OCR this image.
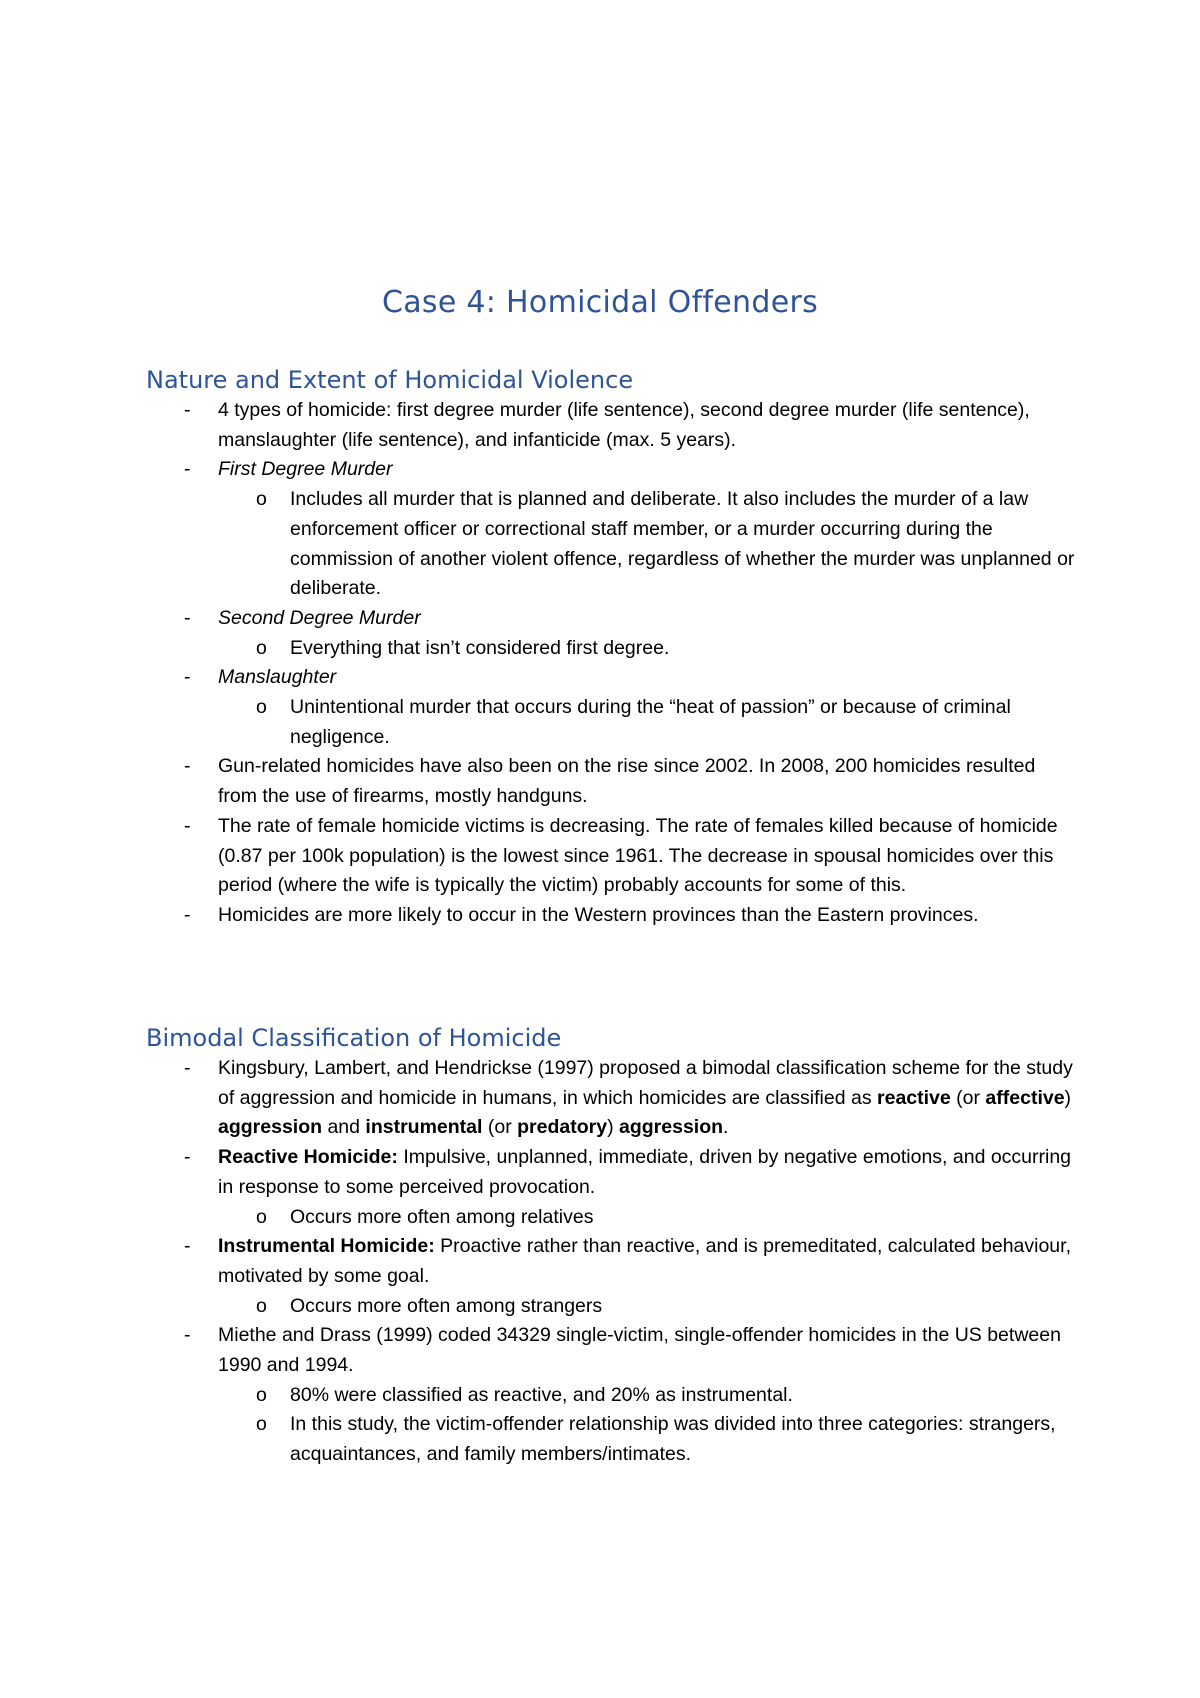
Case 4: Homicidal Offenders
Nature and Extent of Homicidal Violence
- 4 types of homicide: first degree murder (life sentence), second degree murder (life sentence), manslaughter (life sentence), and infanticide (max. 5 years).
- First Degree Murder
o Includes all murder that is planned and deliberate. It also includes the murder of a law enforcement officer or correctional staff member, or a murder occurring during the commission of another violent offence, regardless of whether the murder was unplanned or deliberate.
- Second Degree Murder
o Everything that isn’t considered first degree.
- Manslaughter
o Unintentional murder that occurs during the “heat of passion” or because of criminal negligence.
- Gun-related homicides have also been on the rise since 2002. In 2008, 200 homicides resulted from the use of firearms, mostly handguns.
- The rate of female homicide victims is decreasing. The rate of females killed because of homicide (0.87 per 100k population) is the lowest since 1961. The decrease in spousal homicides over this period (where the wife is typically the victim) probably accounts for some of this.
- Homicides are more likely to occur in the Western provinces than the Eastern provinces.
Bimodal Classification of Homicide
- Kingsbury, Lambert, and Hendrickse (1997) proposed a bimodal classification scheme for the study of aggression and homicide in humans, in which homicides are classified as reactive (or affective) aggression and instrumental (or predatory) aggression.
- Reactive Homicide: Impulsive, unplanned, immediate, driven by negative emotions, and occurring in response to some perceived provocation.
o Occurs more often among relatives
- Instrumental Homicide: Proactive rather than reactive, and is premeditated, calculated behaviour, motivated by some goal.
o Occurs more often among strangers
- Miethe and Drass (1999) coded 34329 single-victim, single-offender homicides in the US between 1990 and 1994.
o 80% were classified as reactive, and 20% as instrumental.
o In this study, the victim-offender relationship was divided into three categories: strangers, acquaintances, and family members/intimates.
